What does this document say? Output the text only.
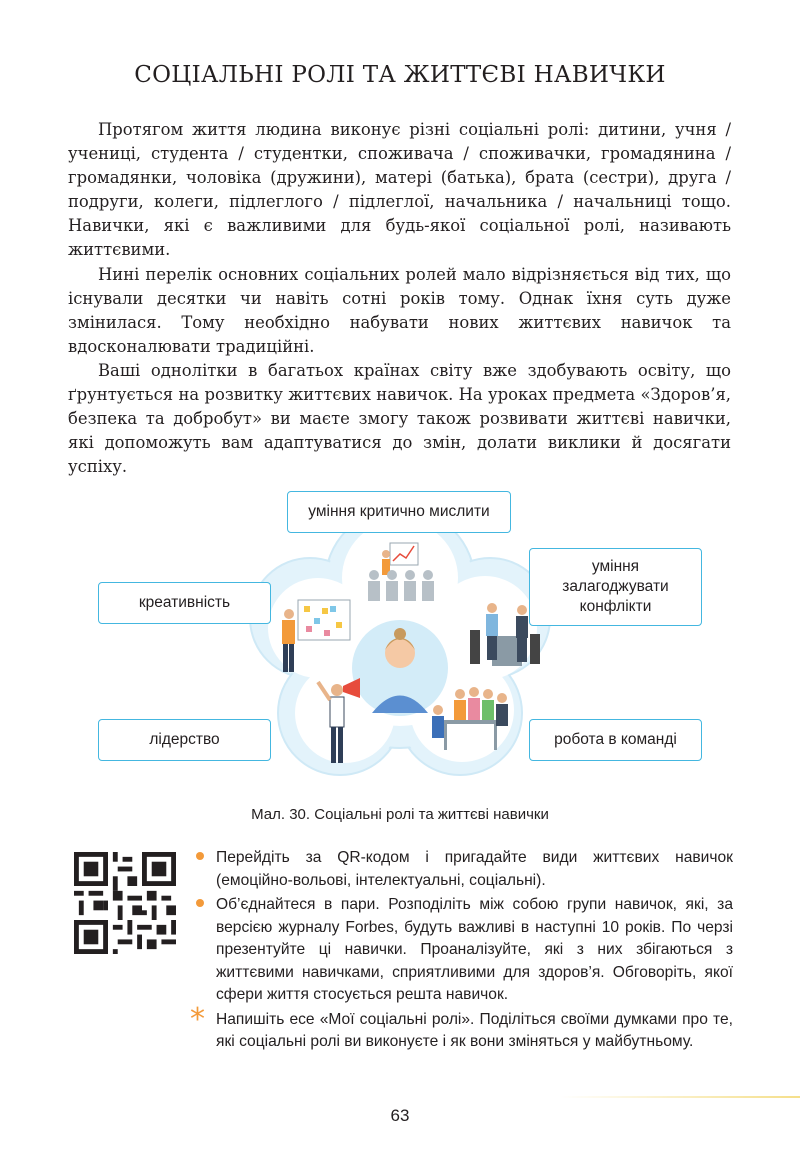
СОЦІАЛЬНІ РОЛІ ТА ЖИТТЄВІ НАВИЧКИ

Протягом життя людина виконує різні соціальні ролі: дитини, учня / учениці, студента / студентки, споживача / споживачки, громадянина / громадянки, чоловіка (дружини), матері (батька), брата (сестри), друга / подруги, колеги, підлеглого / підлеглої, начальника / начальниці тощо. Навички, які є важливими для будь-якої соціальної ролі, називають життєвими.

Нині перелік основних соціальних ролей мало відрізняється від тих, що існували десятки чи навіть сотні років тому. Однак їхня суть дуже змінилася. Тому необхідно набувати нових життєвих навичок та вдосконалювати традиційні.

Ваші однолітки в багатьох країнах світу вже здобувають освіту, що ґрунтується на розвитку життєвих навичок. На уроках предмета «Здоров’я, безпека та добробут» ви маєте змогу також розвивати життєві навички, які допоможуть вам адаптуватися до змін, долати виклики й досягати успіху.

уміння критично мислити
уміння залагоджувати конфлікти
креативність
лідерство	робота в команді
Мал. 30. Соціальні ролі та життєві навички
Перейдіть за QR-кодом і пригадайте види життєвих навичок (емоційно-вольові, інтелектуальні, соціальні).
Об’єднайтеся в пари. Розподіліть між собою групи навичок, які, за версією журналу Forbes, будуть важливі в наступні 10 років. По черзі презентуйте ці навички. Проаналізуйте, які з них збігаються з життєвими навичками, сприятливими для здоров’я. Обговоріть, якої сфери життя стосується решта навичок.
* Напишіть есе «Мої соціальні ролі». Поділіться своїми думками про те, які соціальні ролі ви виконуєте і як вони зміняться у майбутньому.
63
